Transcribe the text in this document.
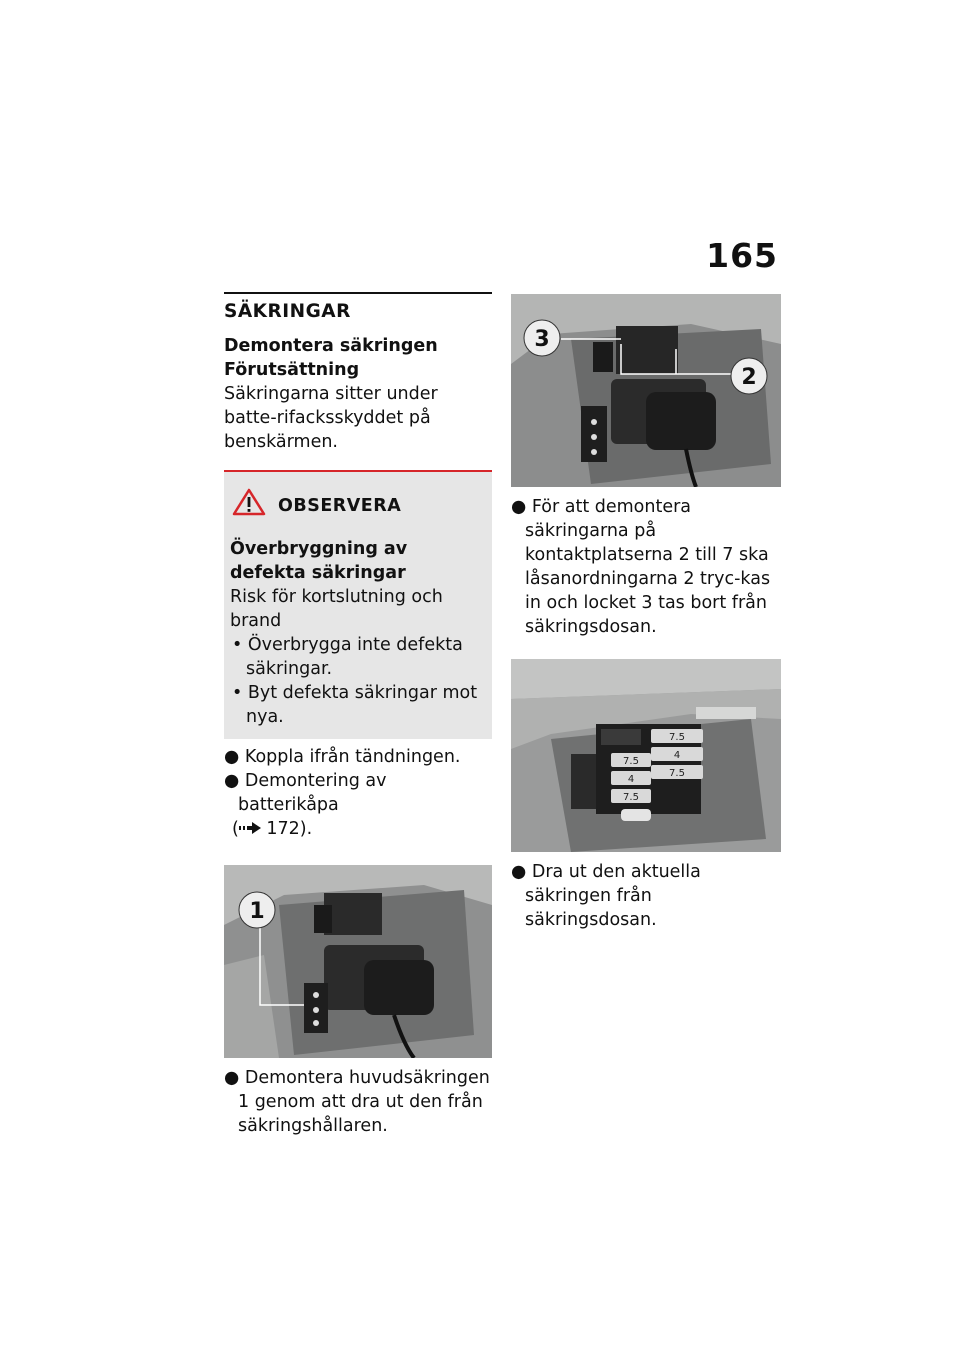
165
SÄKRINGAR

Demontera säkringen

Förutsättning

Säkringarna sitter under batte-rifacksskyddet på benskärmen.

OBSERVERA

Överbryggning av defekta säkringar

Risk för kortslutning och brand

• Överbrygga inte defekta säkringar.

• Byt defekta säkringar mot nya.

● Koppla ifrån tändningen.

● Demontering av batterikåpa

( 172).

1

● Demontera huvudsäkringen 1 genom att dra ut den från säkringshållaren.

3
2

● För att demontera säkringarna på kontaktplatserna 2 till 7 ska låsanordningarna 2 tryc-kas in och locket 3 tas bort från säkringsdosan.

7.5
4
7.5
7.5
4
7.5

● Dra ut den aktuella säkringen från säkringsdosan.
